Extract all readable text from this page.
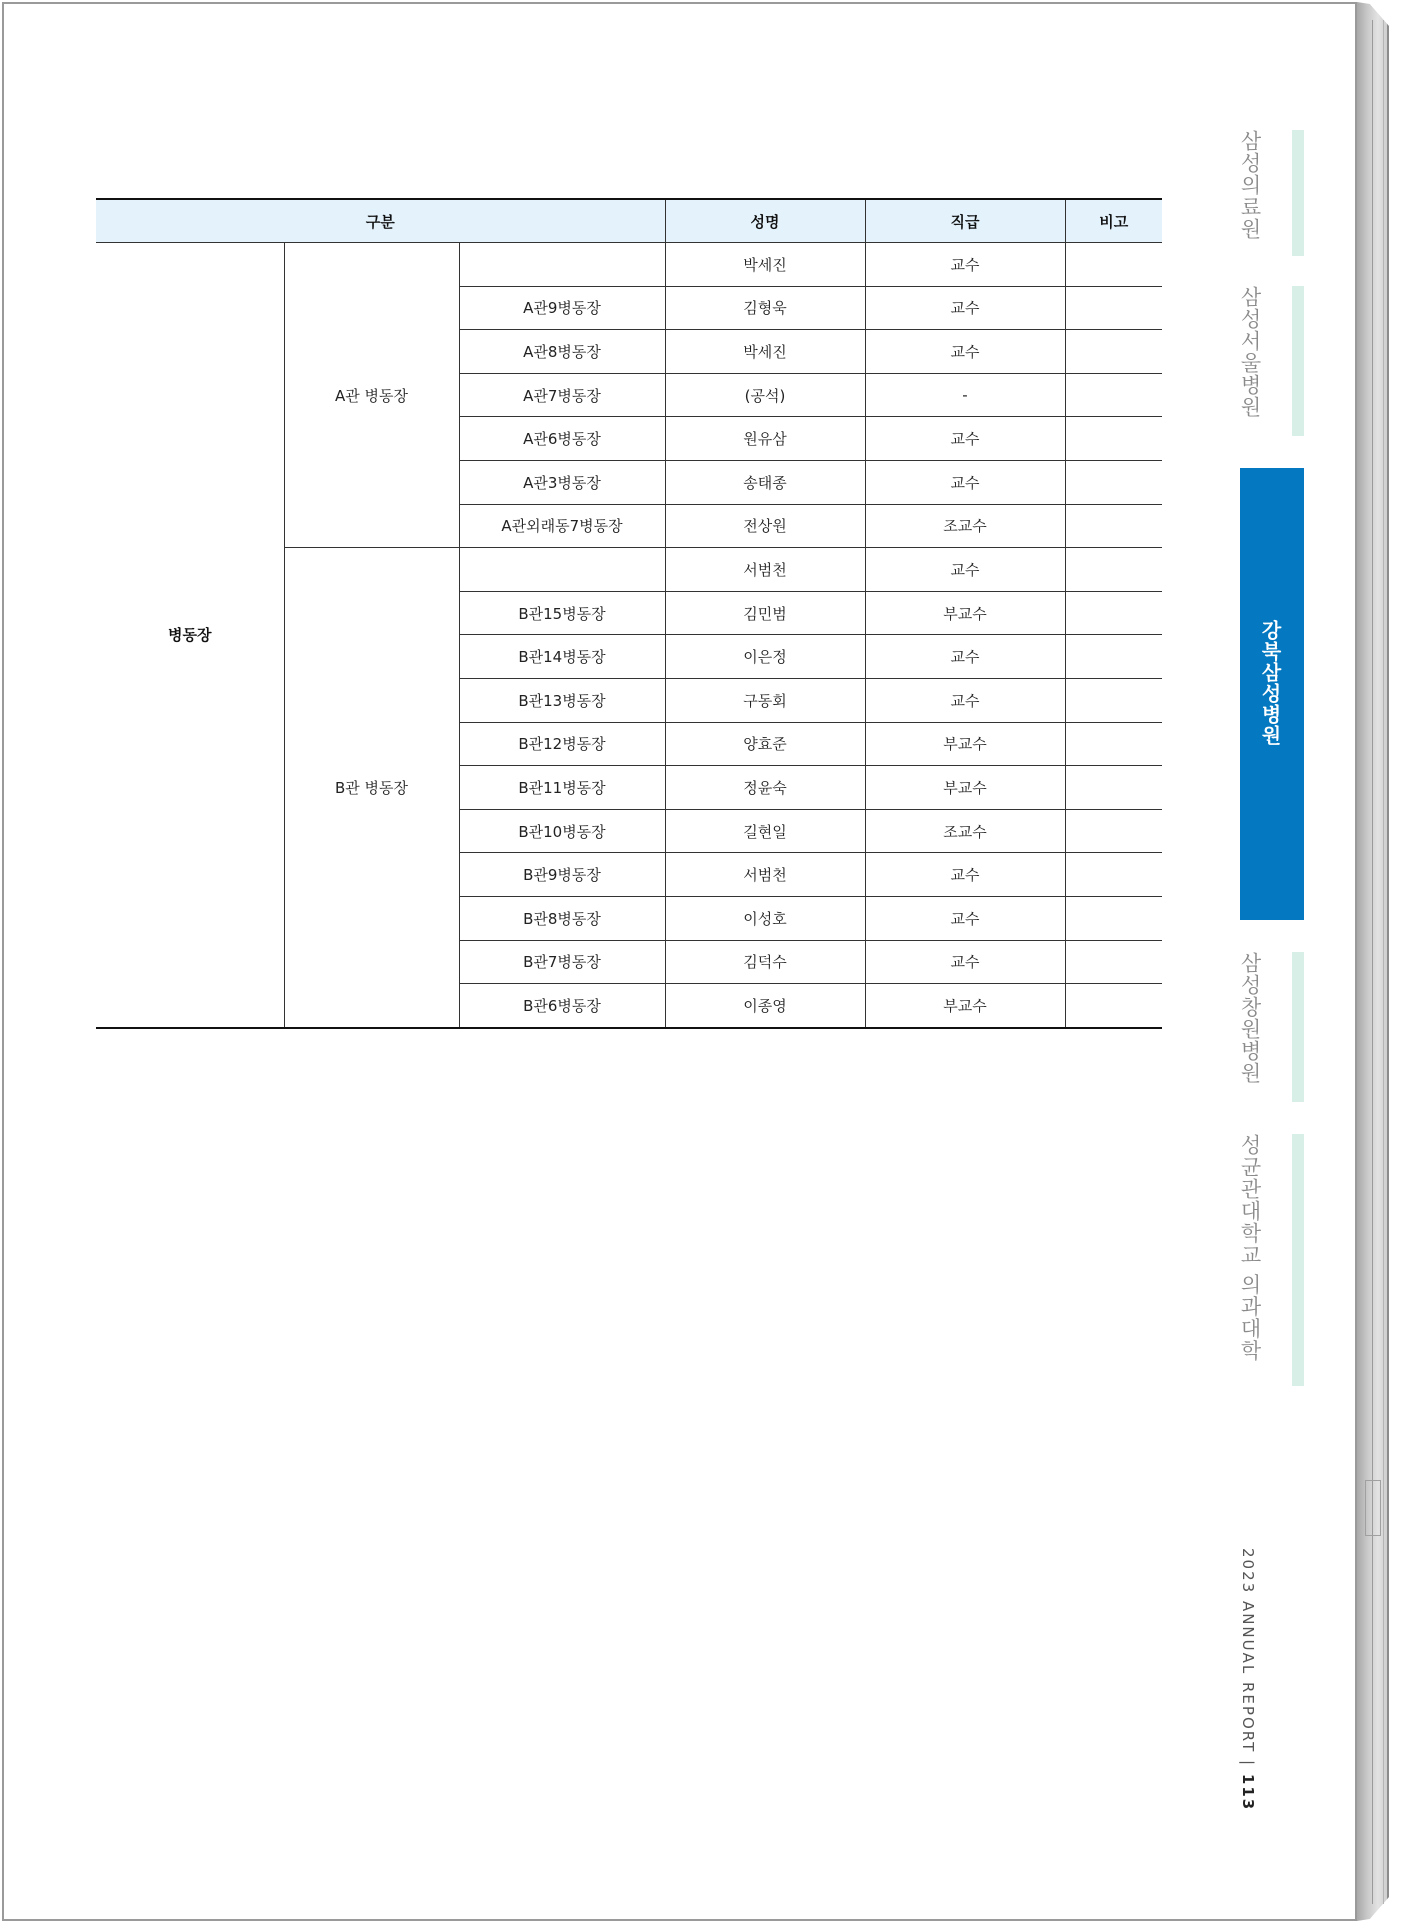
구분			성명	직급	비고
병동장	A관 병동장		박세진	교수	
		A관9병동장	김형욱	교수	
		A관8병동장	박세진	교수	
		A관7병동장	(공석)	-	
		A관6병동장	원유삼	교수	
		A관3병동장	송태종	교수	
		A관외래동7병동장	전상원	조교수	
	B관 병동장		서범천	교수	
		B관15병동장	김민범	부교수	
		B관14병동장	이은정	교수	
		B관13병동장	구동회	교수	
		B관12병동장	양효준	부교수	
		B관11병동장	정윤숙	부교수	
		B관10병동장	길현일	조교수	
		B관9병동장	서범천	교수	
		B관8병동장	이성호	교수	
		B관7병동장	김덕수	교수	
		B관6병동장	이종영	부교수	
삼성의료원
삼성서울병원
강북삼성병원
삼성창원병원
성균관대학교 의과대학
2023 ANNUAL REPORT | 113
